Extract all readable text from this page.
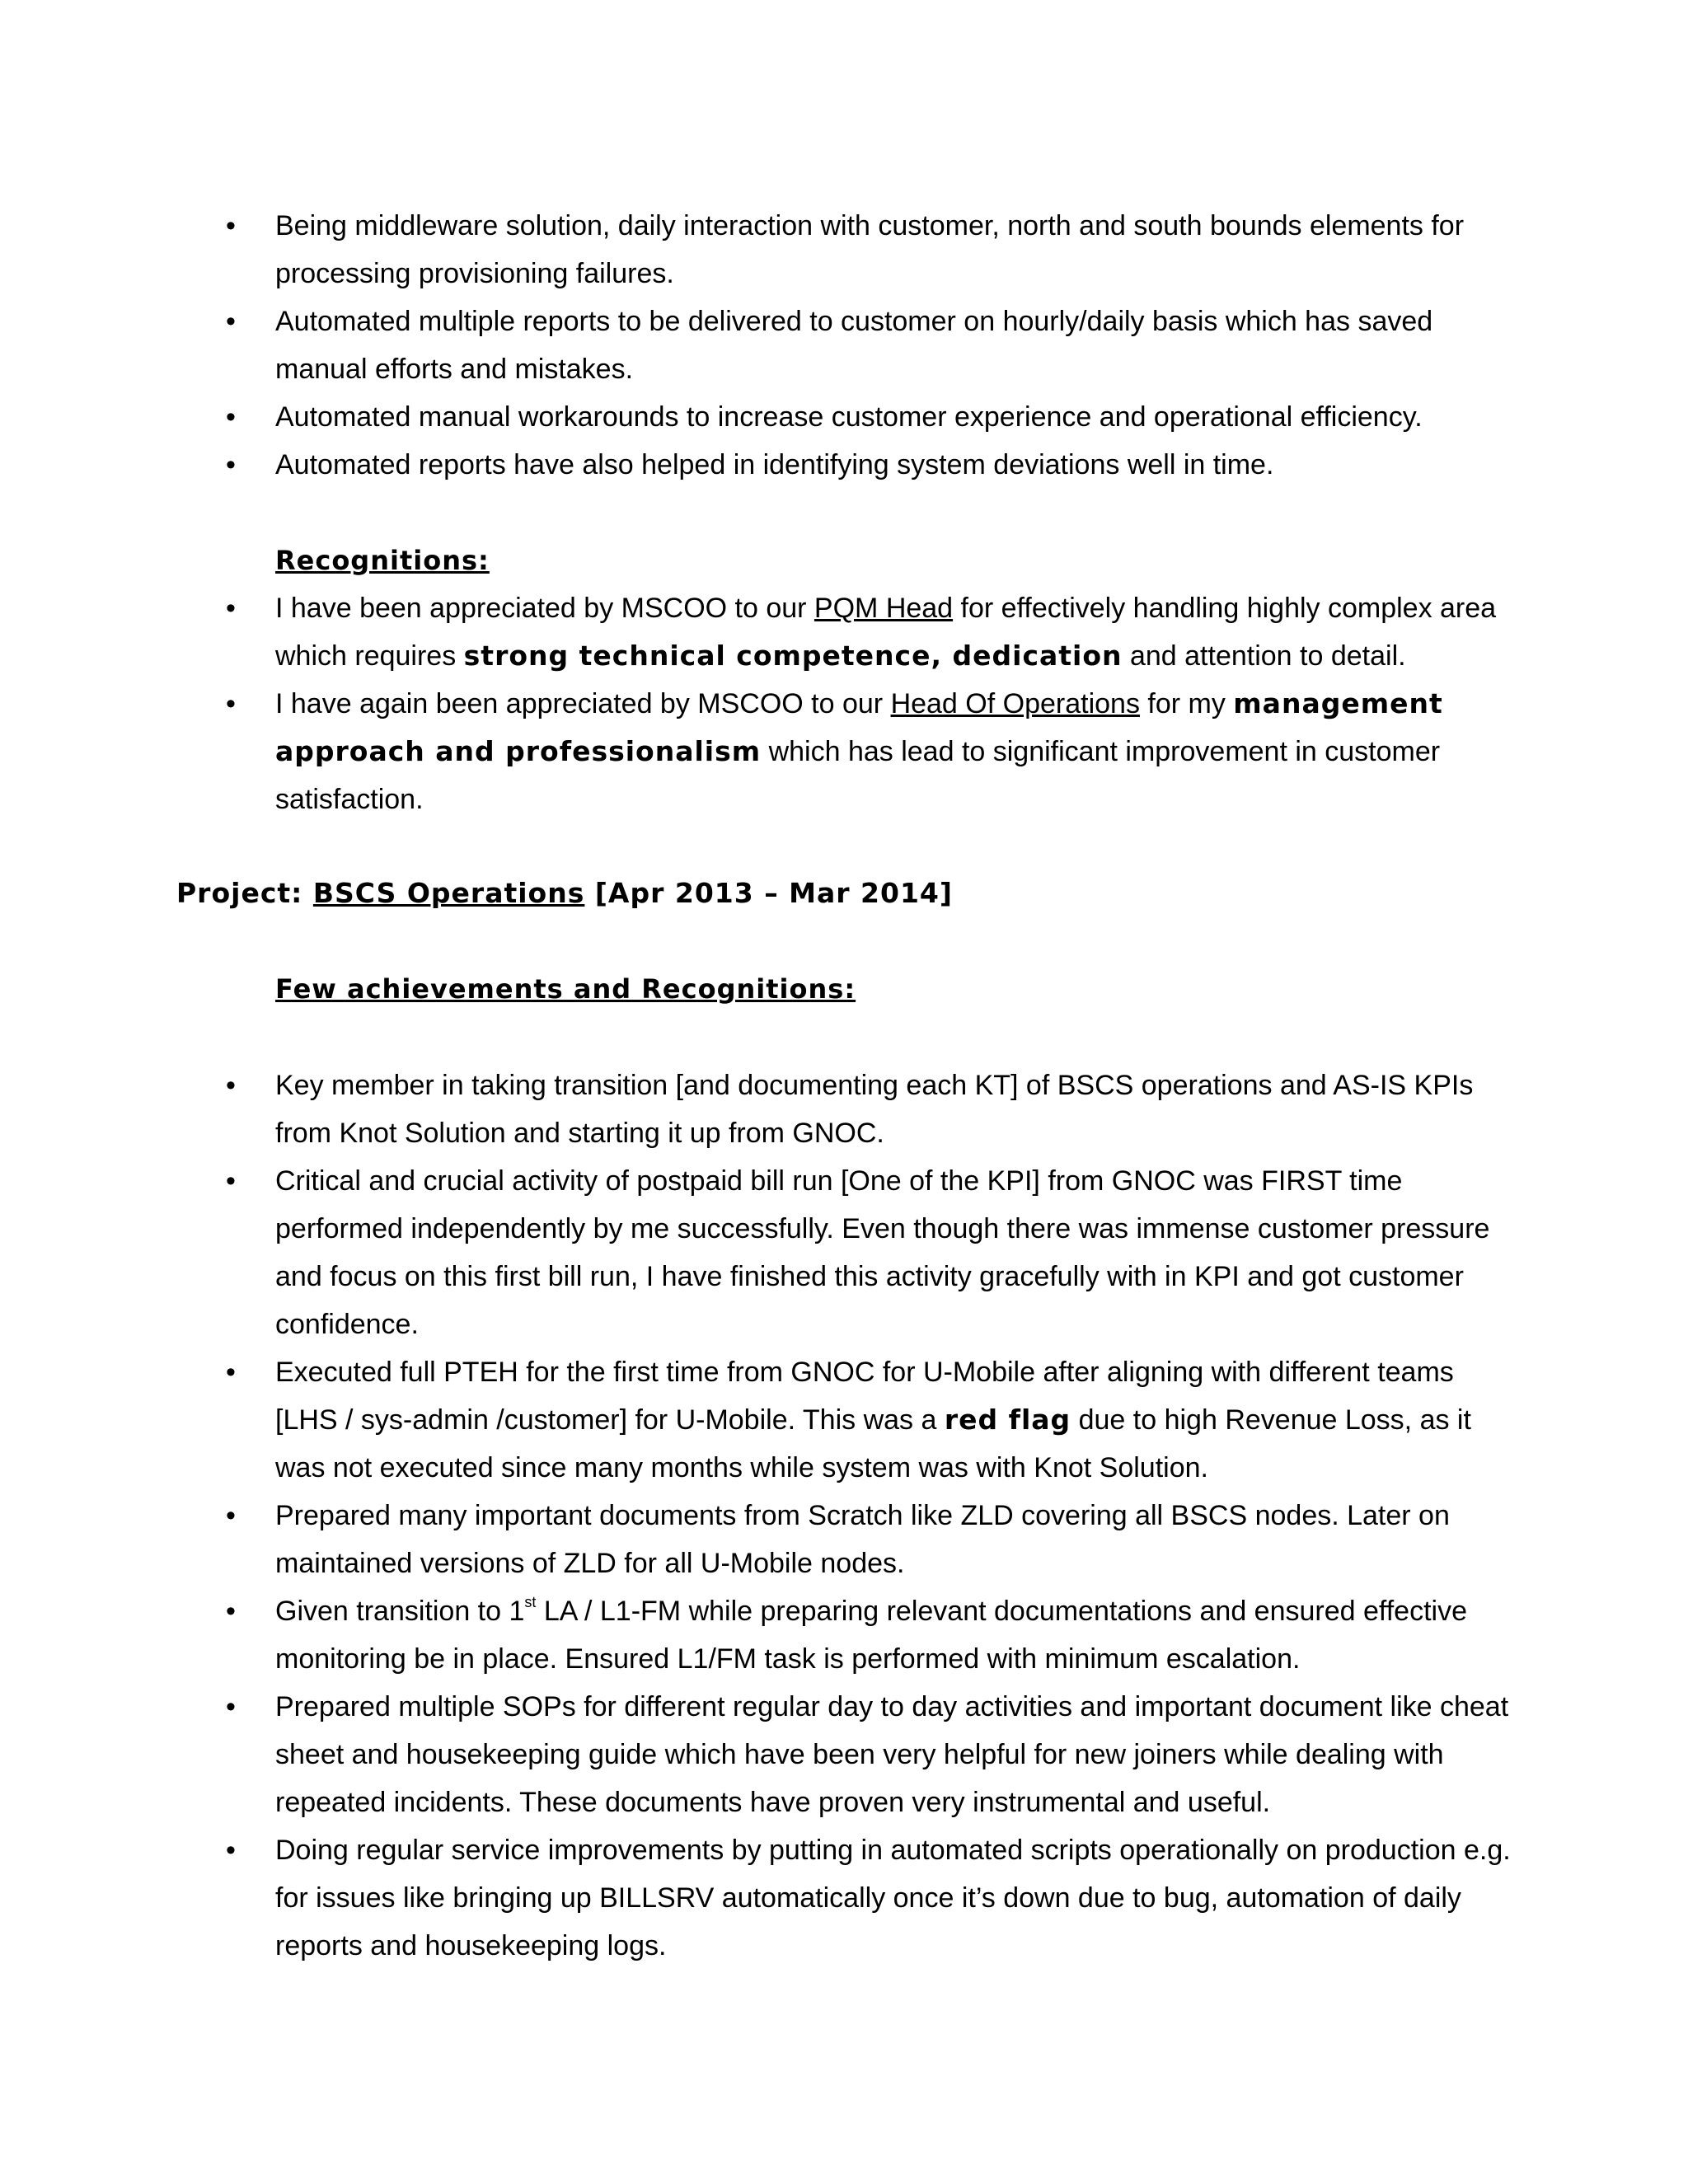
• Being middleware solution, daily interaction with customer, north and south bounds elements for processing provisioning failures.
• Automated multiple reports to be delivered to customer on hourly/daily basis which has saved manual efforts and mistakes.
• Automated manual workarounds to increase customer experience and operational efficiency.
• Automated reports have also helped in identifying system deviations well in time.
Recognitions:
• I have been appreciated by MSCOO to our PQM Head for effectively handling highly complex area which requires strong technical competence, dedication and attention to detail.
• I have again been appreciated by MSCOO to our Head Of Operations for my management approach and professionalism which has lead to significant improvement in customer satisfaction.
Project: BSCS Operations [Apr 2013 – Mar 2014]
Few achievements and Recognitions:
• Key member in taking transition [and documenting each KT] of BSCS operations and AS-IS KPIs from Knot Solution and starting it up from GNOC.
• Critical and crucial activity of postpaid bill run [One of the KPI] from GNOC was FIRST time performed independently by me successfully. Even though there was immense customer pressure and focus on this first bill run, I have finished this activity gracefully with in KPI and got customer confidence.
• Executed full PTEH for the first time from GNOC for U-Mobile after aligning with different teams [LHS / sys-admin /customer] for U-Mobile. This was a red flag due to high Revenue Loss, as it was not executed since many months while system was with Knot Solution.
• Prepared many important documents from Scratch like ZLD covering all BSCS nodes. Later on maintained versions of ZLD for all U-Mobile nodes.
• Given transition to 1st LA / L1-FM while preparing relevant documentations and ensured effective monitoring be in place. Ensured L1/FM task is performed with minimum escalation.
• Prepared multiple SOPs for different regular day to day activities and important document like cheat sheet and housekeeping guide which have been very helpful for new joiners while dealing with repeated incidents. These documents have proven very instrumental and useful.
• Doing regular service improvements by putting in automated scripts operationally on production e.g. for issues like bringing up BILLSRV automatically once it’s down due to bug, automation of daily reports and housekeeping logs.
